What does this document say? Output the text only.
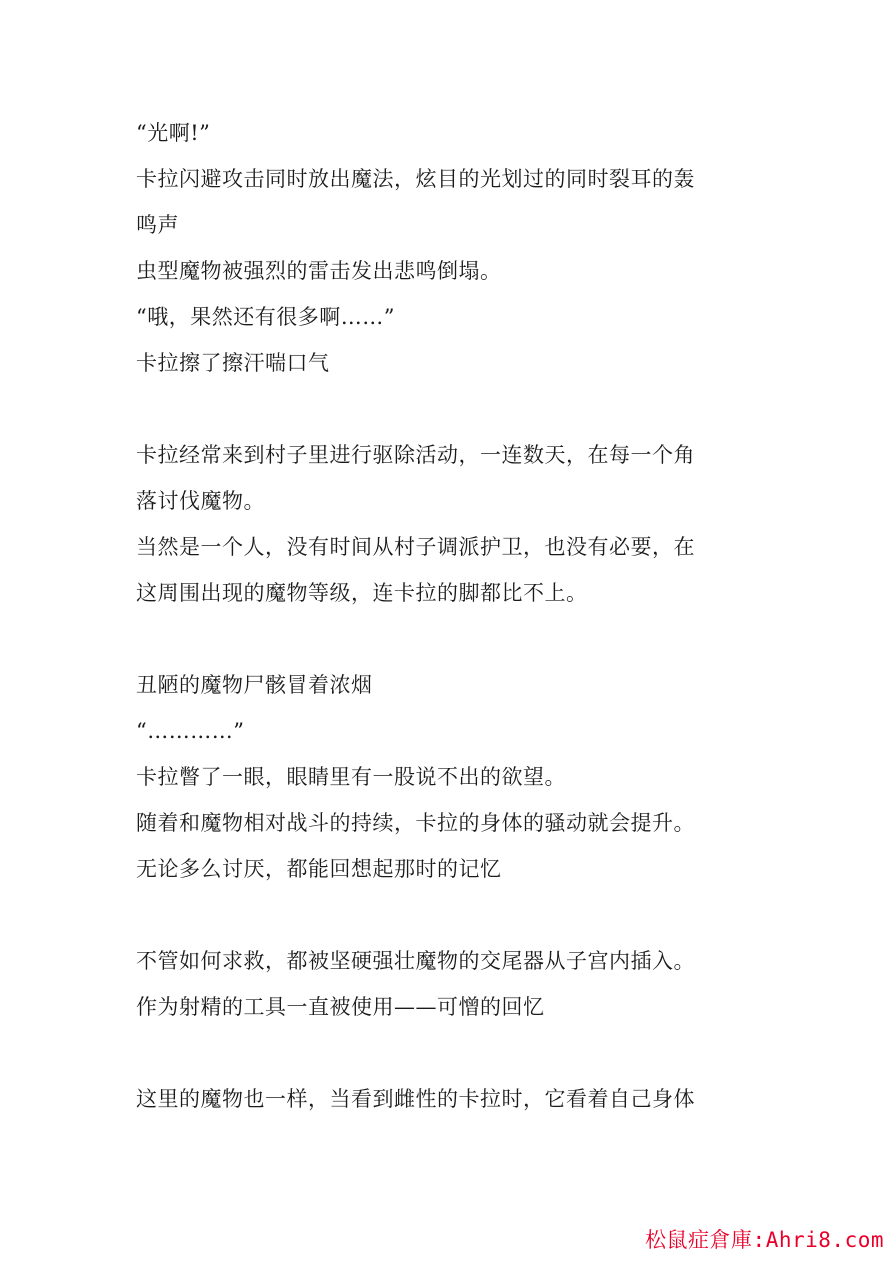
“光啊!”
卡拉闪避攻击同时放出魔法，炫目的光划过的同时裂耳的轰
鸣声
虫型魔物被强烈的雷击发出悲鸣倒塌。
“哦，果然还有很多啊……”
卡拉擦了擦汗喘口气
卡拉经常来到村子里进行驱除活动，一连数天，在每一个角
落讨伐魔物。
当然是一个人，没有时间从村子调派护卫，也没有必要，在
这周围出现的魔物等级，连卡拉的脚都比不上。
丑陋的魔物尸骸冒着浓烟
“…………”
卡拉瞥了一眼，眼睛里有一股说不出的欲望。
随着和魔物相对战斗的持续，卡拉的身体的骚动就会提升。
无论多么讨厌，都能回想起那时的记忆
不管如何求救，都被坚硬强壮魔物的交尾器从子宫内插入。
作为射精的工具一直被使用——可憎的回忆
这里的魔物也一样，当看到雌性的卡拉时，它看着自己身体
松鼠症倉庫:Ahri8.com
